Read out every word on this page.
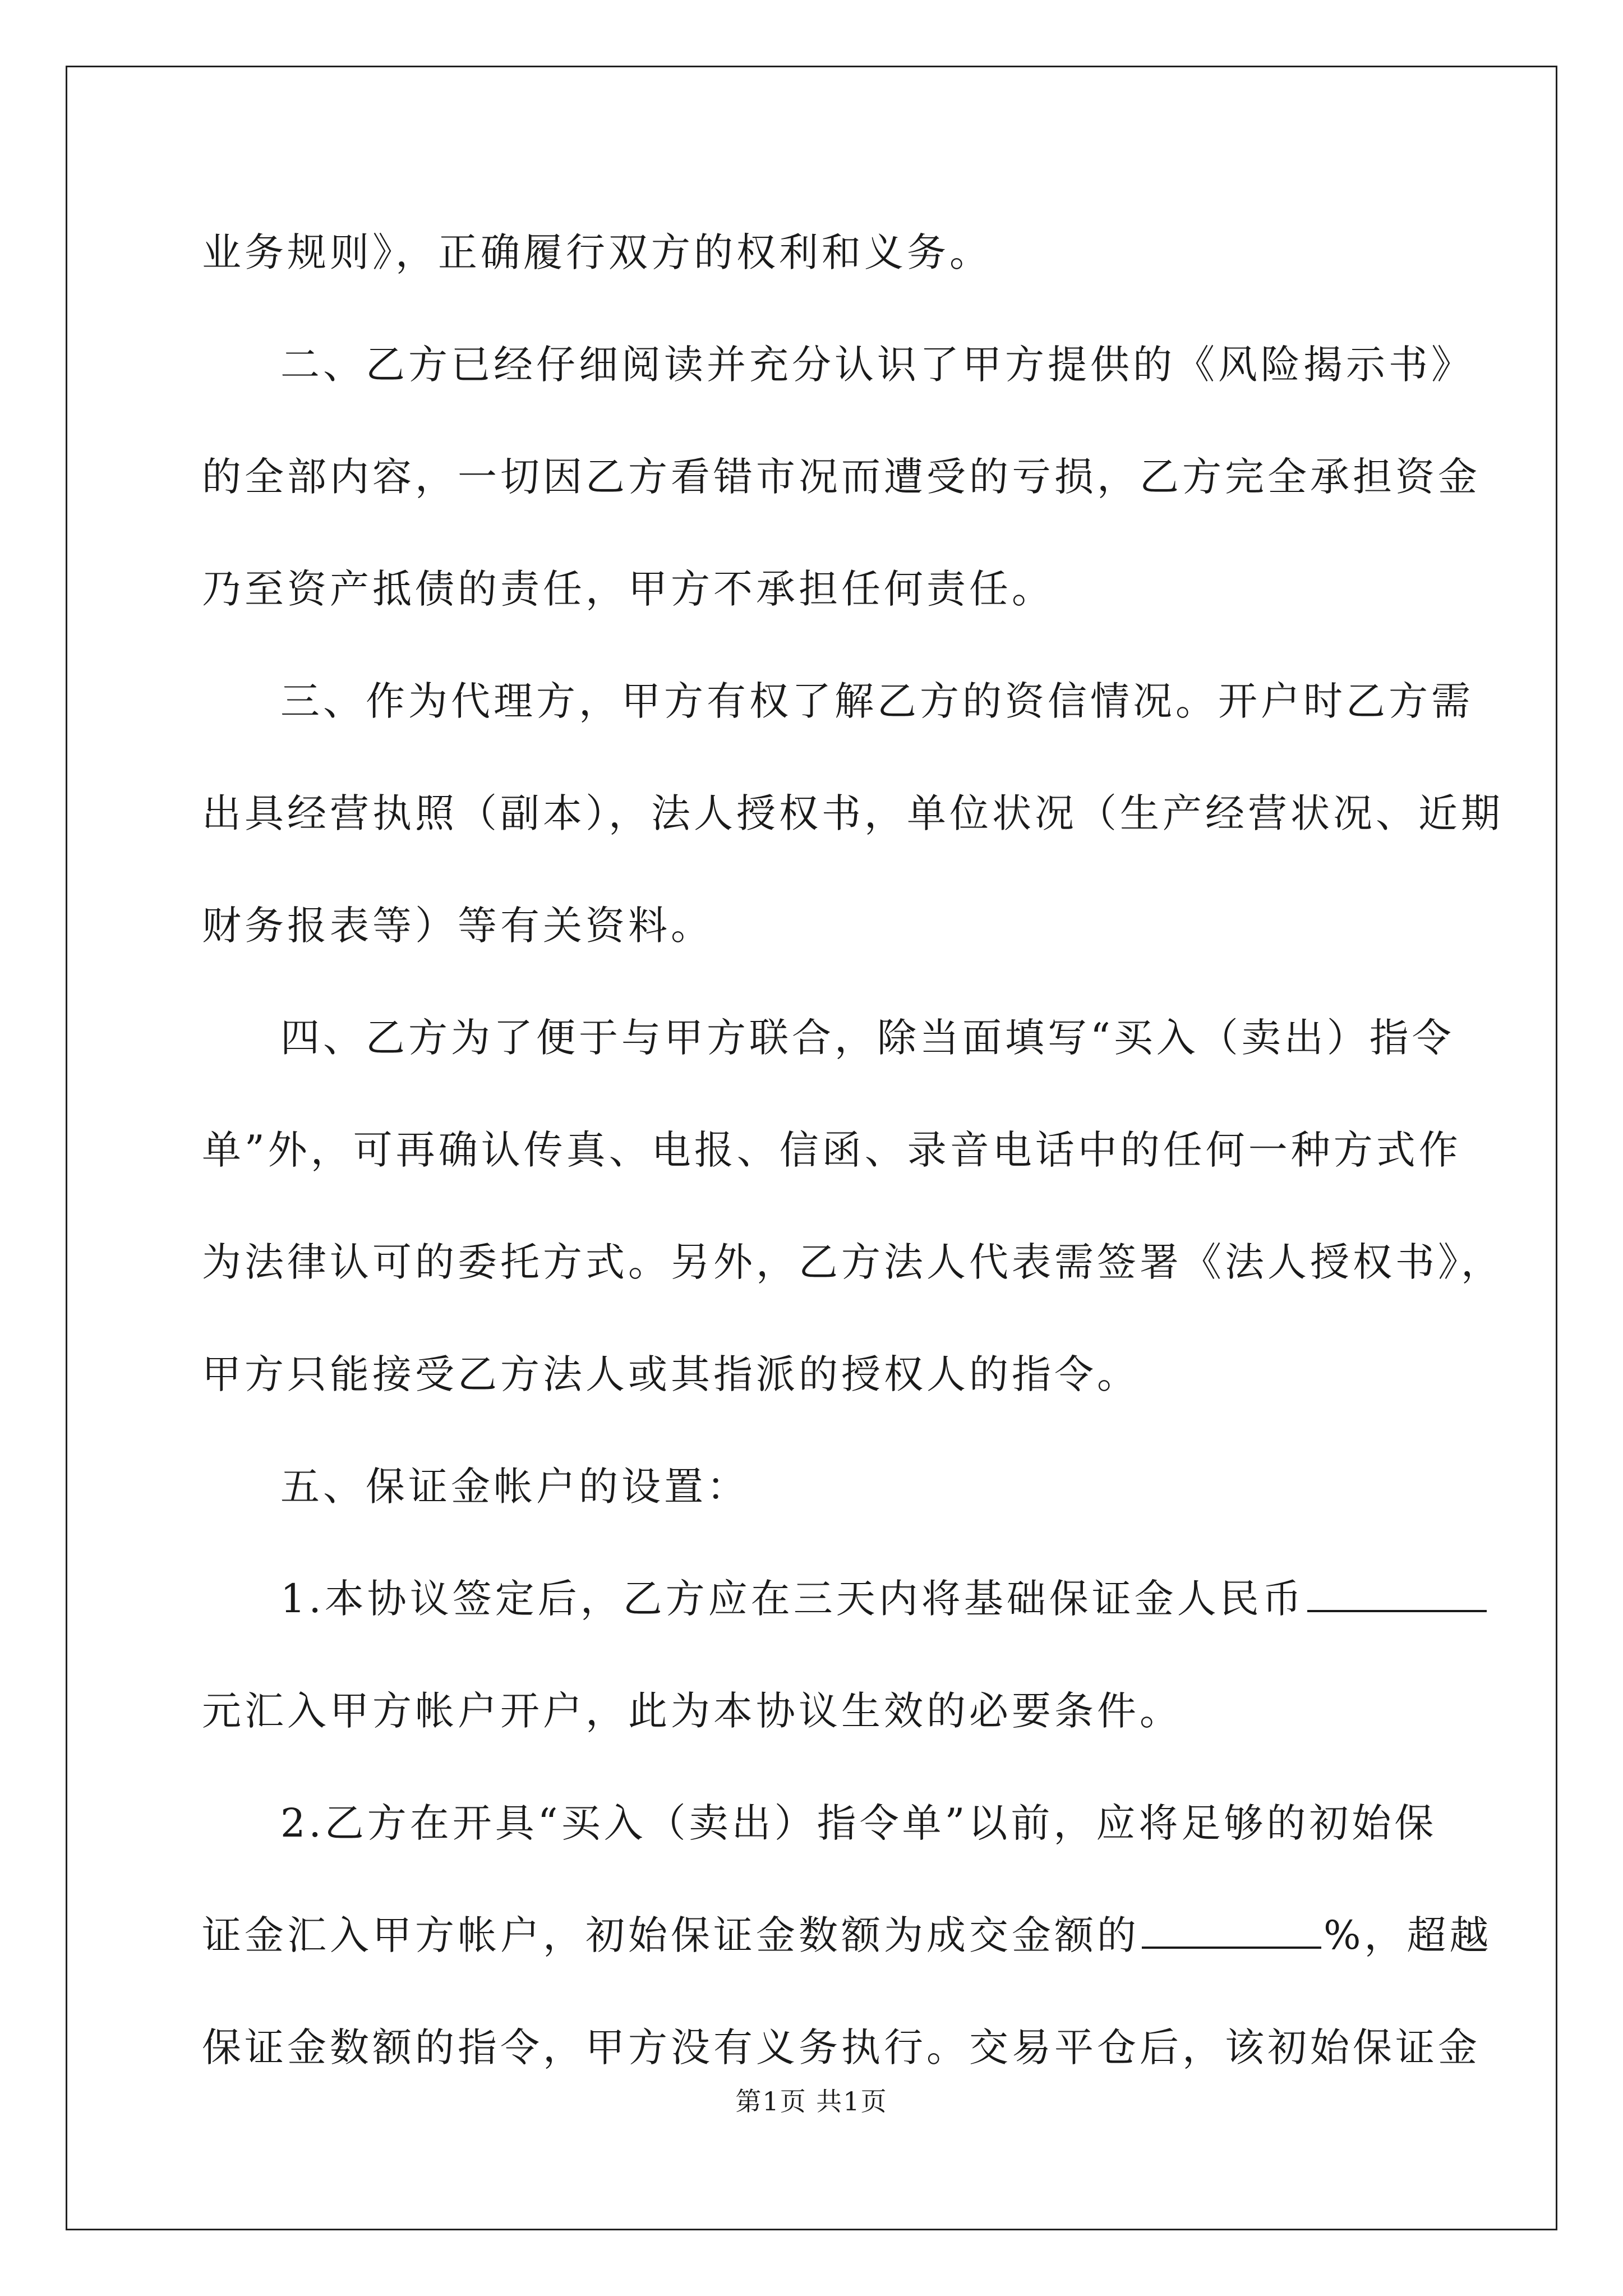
业务规则》，正确履行双方的权利和义务。
二、乙方已经仔细阅读并充分认识了甲方提供的《风险揭示书》
的全部内容，一切因乙方看错市况而遭受的亏损，乙方完全承担资金
乃至资产抵债的责任，甲方不承担任何责任。
三、作为代理方，甲方有权了解乙方的资信情况。开户时乙方需
出具经营执照（副本），法人授权书，单位状况（生产经营状况、近期
财务报表等）等有关资料。
四、乙方为了便于与甲方联合，除当面填写“买入（卖出）指令
单”外，可再确认传真、电报、信函、录音电话中的任何一种方式作
为法律认可的委托方式。另外，乙方法人代表需签署《法人授权书》，
甲方只能接受乙方法人或其指派的授权人的指令。
五、保证金帐户的设置：
1.本协议签定后，乙方应在三天内将基础保证金人民币
元汇入甲方帐户开户，此为本协议生效的必要条件。
2.乙方在开具“买入（卖出）指令单”以前，应将足够的初始保
证金汇入甲方帐户，初始保证金数额为成交金额的	%，超越
保证金数额的指令，甲方没有义务执行。交易平仓后，该初始保证金
第1页 共1页
